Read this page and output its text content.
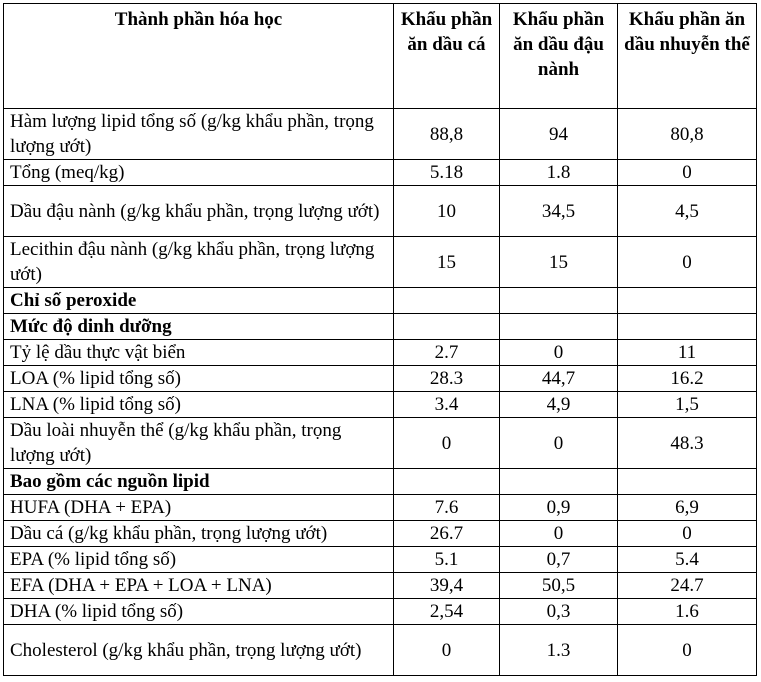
Thành phần hóa học	Khẩu phần ăn dầu cá	Khẩu phần ăn dầu đậu nành	Khẩu phần ăn dầu nhuyễn thể
Hàm lượng lipid tổng số (g/kg khẩu phần, trọng lượng ướt)	88,8	94	80,8
Tổng (meq/kg)	5.18	1.8	0
Dầu đậu nành (g/kg khẩu phần, trọng lượng ướt)	10	34,5	4,5
Lecithin đậu nành (g/kg khẩu phần, trọng lượng ướt)	15	15	0
Chỉ số peroxide			
Mức độ dinh dưỡng			
Tỷ lệ dầu thực vật biển	2.7	0	11
LOA (% lipid tổng số)	28.3	44,7	16.2
LNA (% lipid tổng số)	3.4	4,9	1,5
Dầu loài nhuyễn thể (g/kg khẩu phần, trọng lượng ướt)	0	0	48.3
Bao gồm các nguồn lipid			
HUFA (DHA + EPA)	7.6	0,9	6,9
Dầu cá (g/kg khẩu phần, trọng lượng ướt)	26.7	0	0
EPA (% lipid tổng số)	5.1	0,7	5.4
EFA (DHA + EPA + LOA + LNA)	39,4	50,5	24.7
DHA (% lipid tổng số)	2,54	0,3	1.6
Cholesterol (g/kg khẩu phần, trọng lượng ướt)	0	1.3	0
